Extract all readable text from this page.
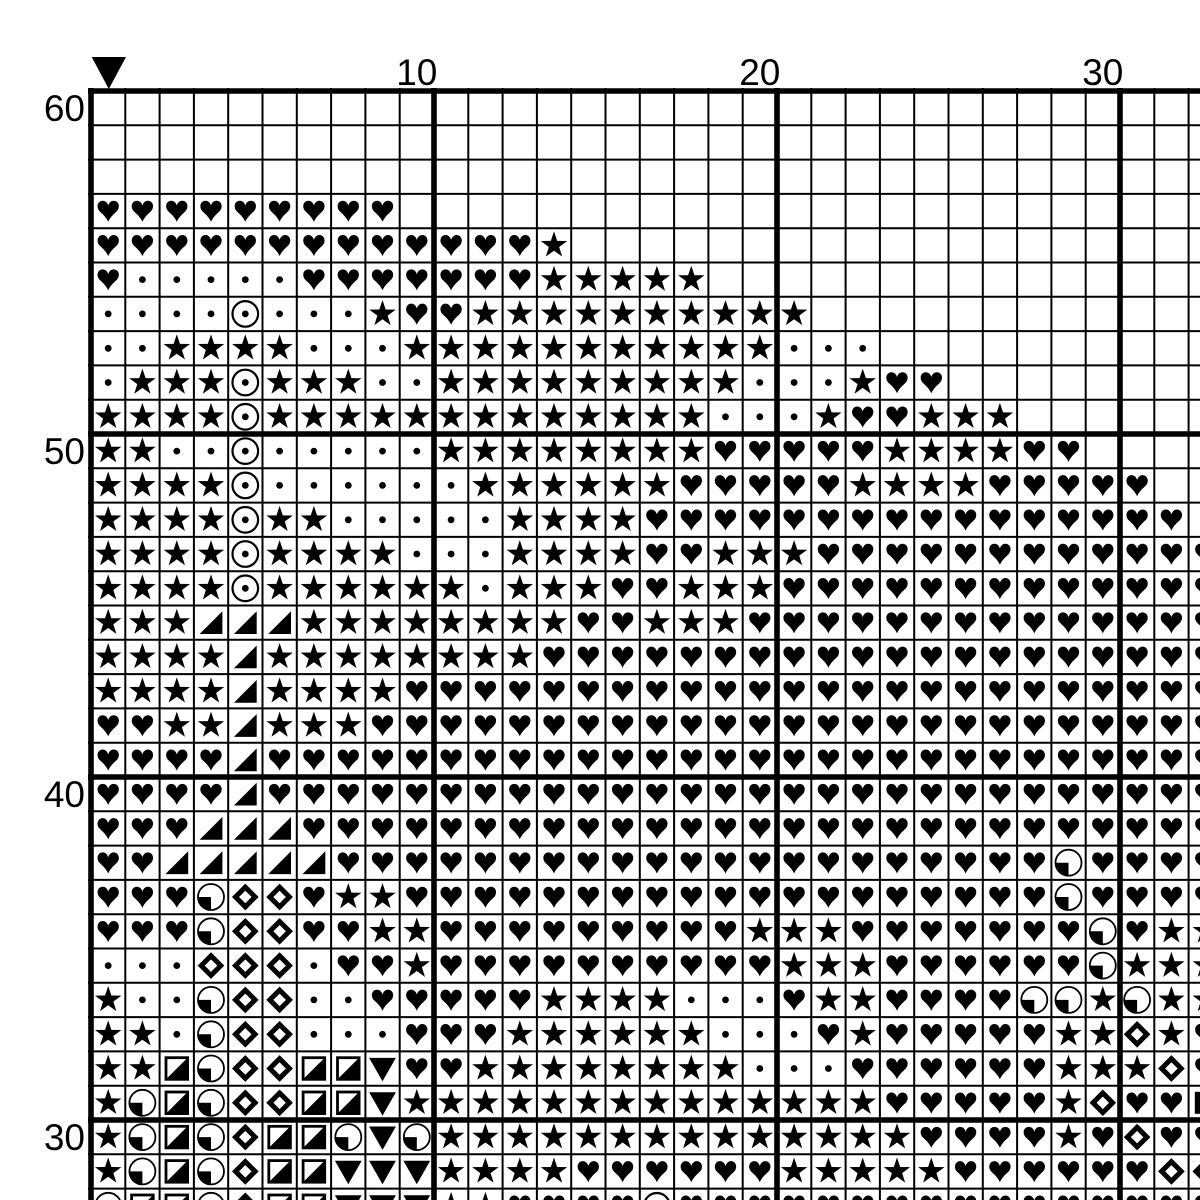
60
50
40
30
10	20	30
